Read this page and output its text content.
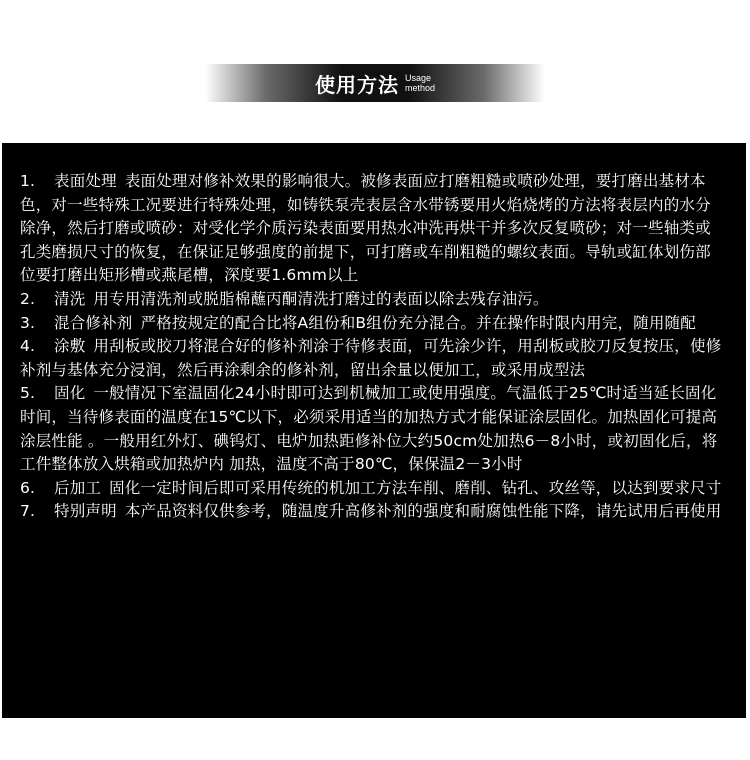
使用方法 Usage
method

1. 表面处理 表面处理对修补效果的影响很大。被修表面应打磨粗糙或喷砂处理，要打磨出基材本色，对一些特殊工况要进行特殊处理，如铸铁泵壳表层含水带锈要用火焰烧烤的方法将表层内的水分除净，然后打磨或喷砂：对受化学介质污染表面要用热水冲洗再烘干并多次反复喷砂；对一些轴类或孔类磨损尺寸的恢复，在保证足够强度的前提下，可打磨或车削粗糙的螺纹表面。导轨或缸体划伤部位要打磨出矩形槽或燕尾槽，深度要1.6mm以上

2. 清洗 用专用清洗剂或脱脂棉蘸丙酮清洗打磨过的表面以除去残存油污。

3. 混合修补剂 严格按规定的配合比将A组份和B组份充分混合。并在操作时限内用完，随用随配

4. 涂敷 用刮板或胶刀将混合好的修补剂涂于待修表面，可先涂少许，用刮板或胶刀反复按压，使修补剂与基体充分浸润，然后再涂剩余的修补剂，留出余量以便加工，或采用成型法

5. 固化 一般情况下室温固化24小时即可达到机械加工或使用强度。气温低于25℃时适当延长固化时间，当待修表面的温度在15℃以下，必须采用适当的加热方式才能保证涂层固化。加热固化可提高涂层性能 。一般用红外灯、碘钨灯、电炉加热距修补位大约50cm处加热6－8小时，或初固化后，将工件整体放入烘箱或加热炉内 加热，温度不高于80℃，保保温2－3小时

6. 后加工 固化一定时间后即可采用传统的机加工方法车削、磨削、钻孔、攻丝等，以达到要求尺寸

7. 特别声明 本产品资料仅供参考，随温度升高修补剂的强度和耐腐蚀性能下降，请先试用后再使用
